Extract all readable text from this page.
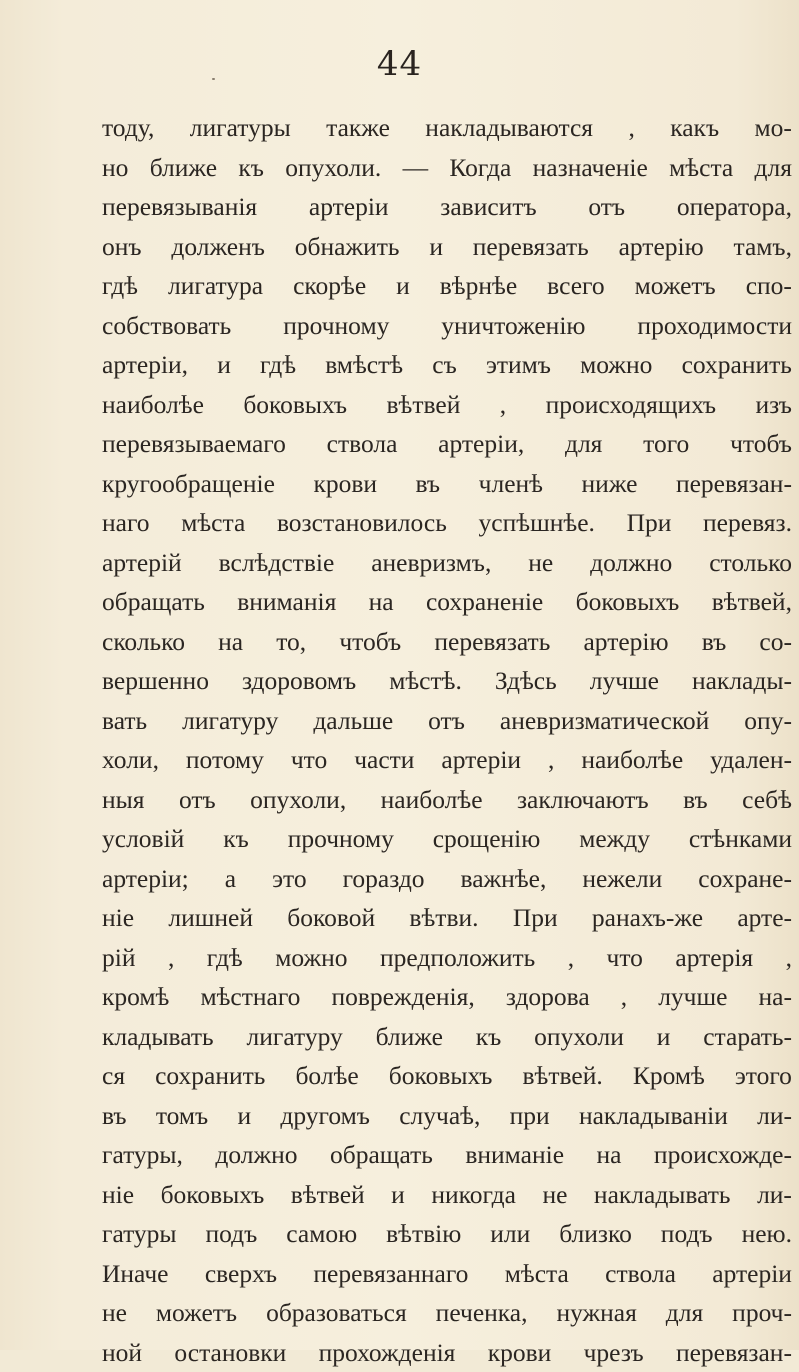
44
тоду, лигатуры также накладываются , какъ мо-
но ближе къ опухоли. — Когда назначенiе мѣста для
перевязыванiя артерiи зависитъ отъ оператора,
онъ долженъ обнажить и перевязать артерiю тамъ,
гдѣ лигатура скорѣе и вѣрнѣе всего можетъ спо-
собствовать прочному уничтоженiю проходимости
артерiи, и гдѣ вмѣстѣ съ этимъ можно сохранить
наиболѣе боковыхъ вѣтвей , происходящихъ изъ
перевязываемаго ствола артерiи, для того чтобъ
кругообращенiе крови въ членѣ ниже перевязан-
наго мѣста возстановилось успѣшнѣе. При перевяз.
артерiй вслѣдствiе аневризмъ, не должно столько
обращать вниманiя на сохраненiе боковыхъ вѣтвей,
сколько на то, чтобъ перевязать артерiю въ со-
вершенно здоровомъ мѣстѣ. Здѣсь лучше наклады-
вать лигатуру дальше отъ аневризматической опу-
холи, потому что части артерiи , наиболѣе удален-
ныя отъ опухоли, наиболѣе заключаютъ въ себѣ
условiй къ прочному срощенiю между стѣнками
артерiи; а это гораздо важнѣе, нежели сохране-
нiе лишней боковой вѣтви. При ранахъ-же арте-
рiй , гдѣ можно предположить , что артерiя ,
кромѣ мѣстнаго поврежденiя, здорова , лучше на-
кладывать лигатуру ближе къ опухоли и старать-
ся сохранить болѣе боковыхъ вѣтвей. Кромѣ этого
въ томъ и другомъ случаѣ, при накладыванiи ли-
гатуры, должно обращать вниманiе на происхожде-
нiе боковыхъ вѣтвей и никогда не накладывать ли-
гатуры подъ самою вѣтвiю или близко подъ нею.
Иначе сверхъ перевязаннаго мѣста ствола артерiи
не можетъ образоваться печенка, нужная для проч-
ной остановки прохожденiя крови чрезъ перевязан-
